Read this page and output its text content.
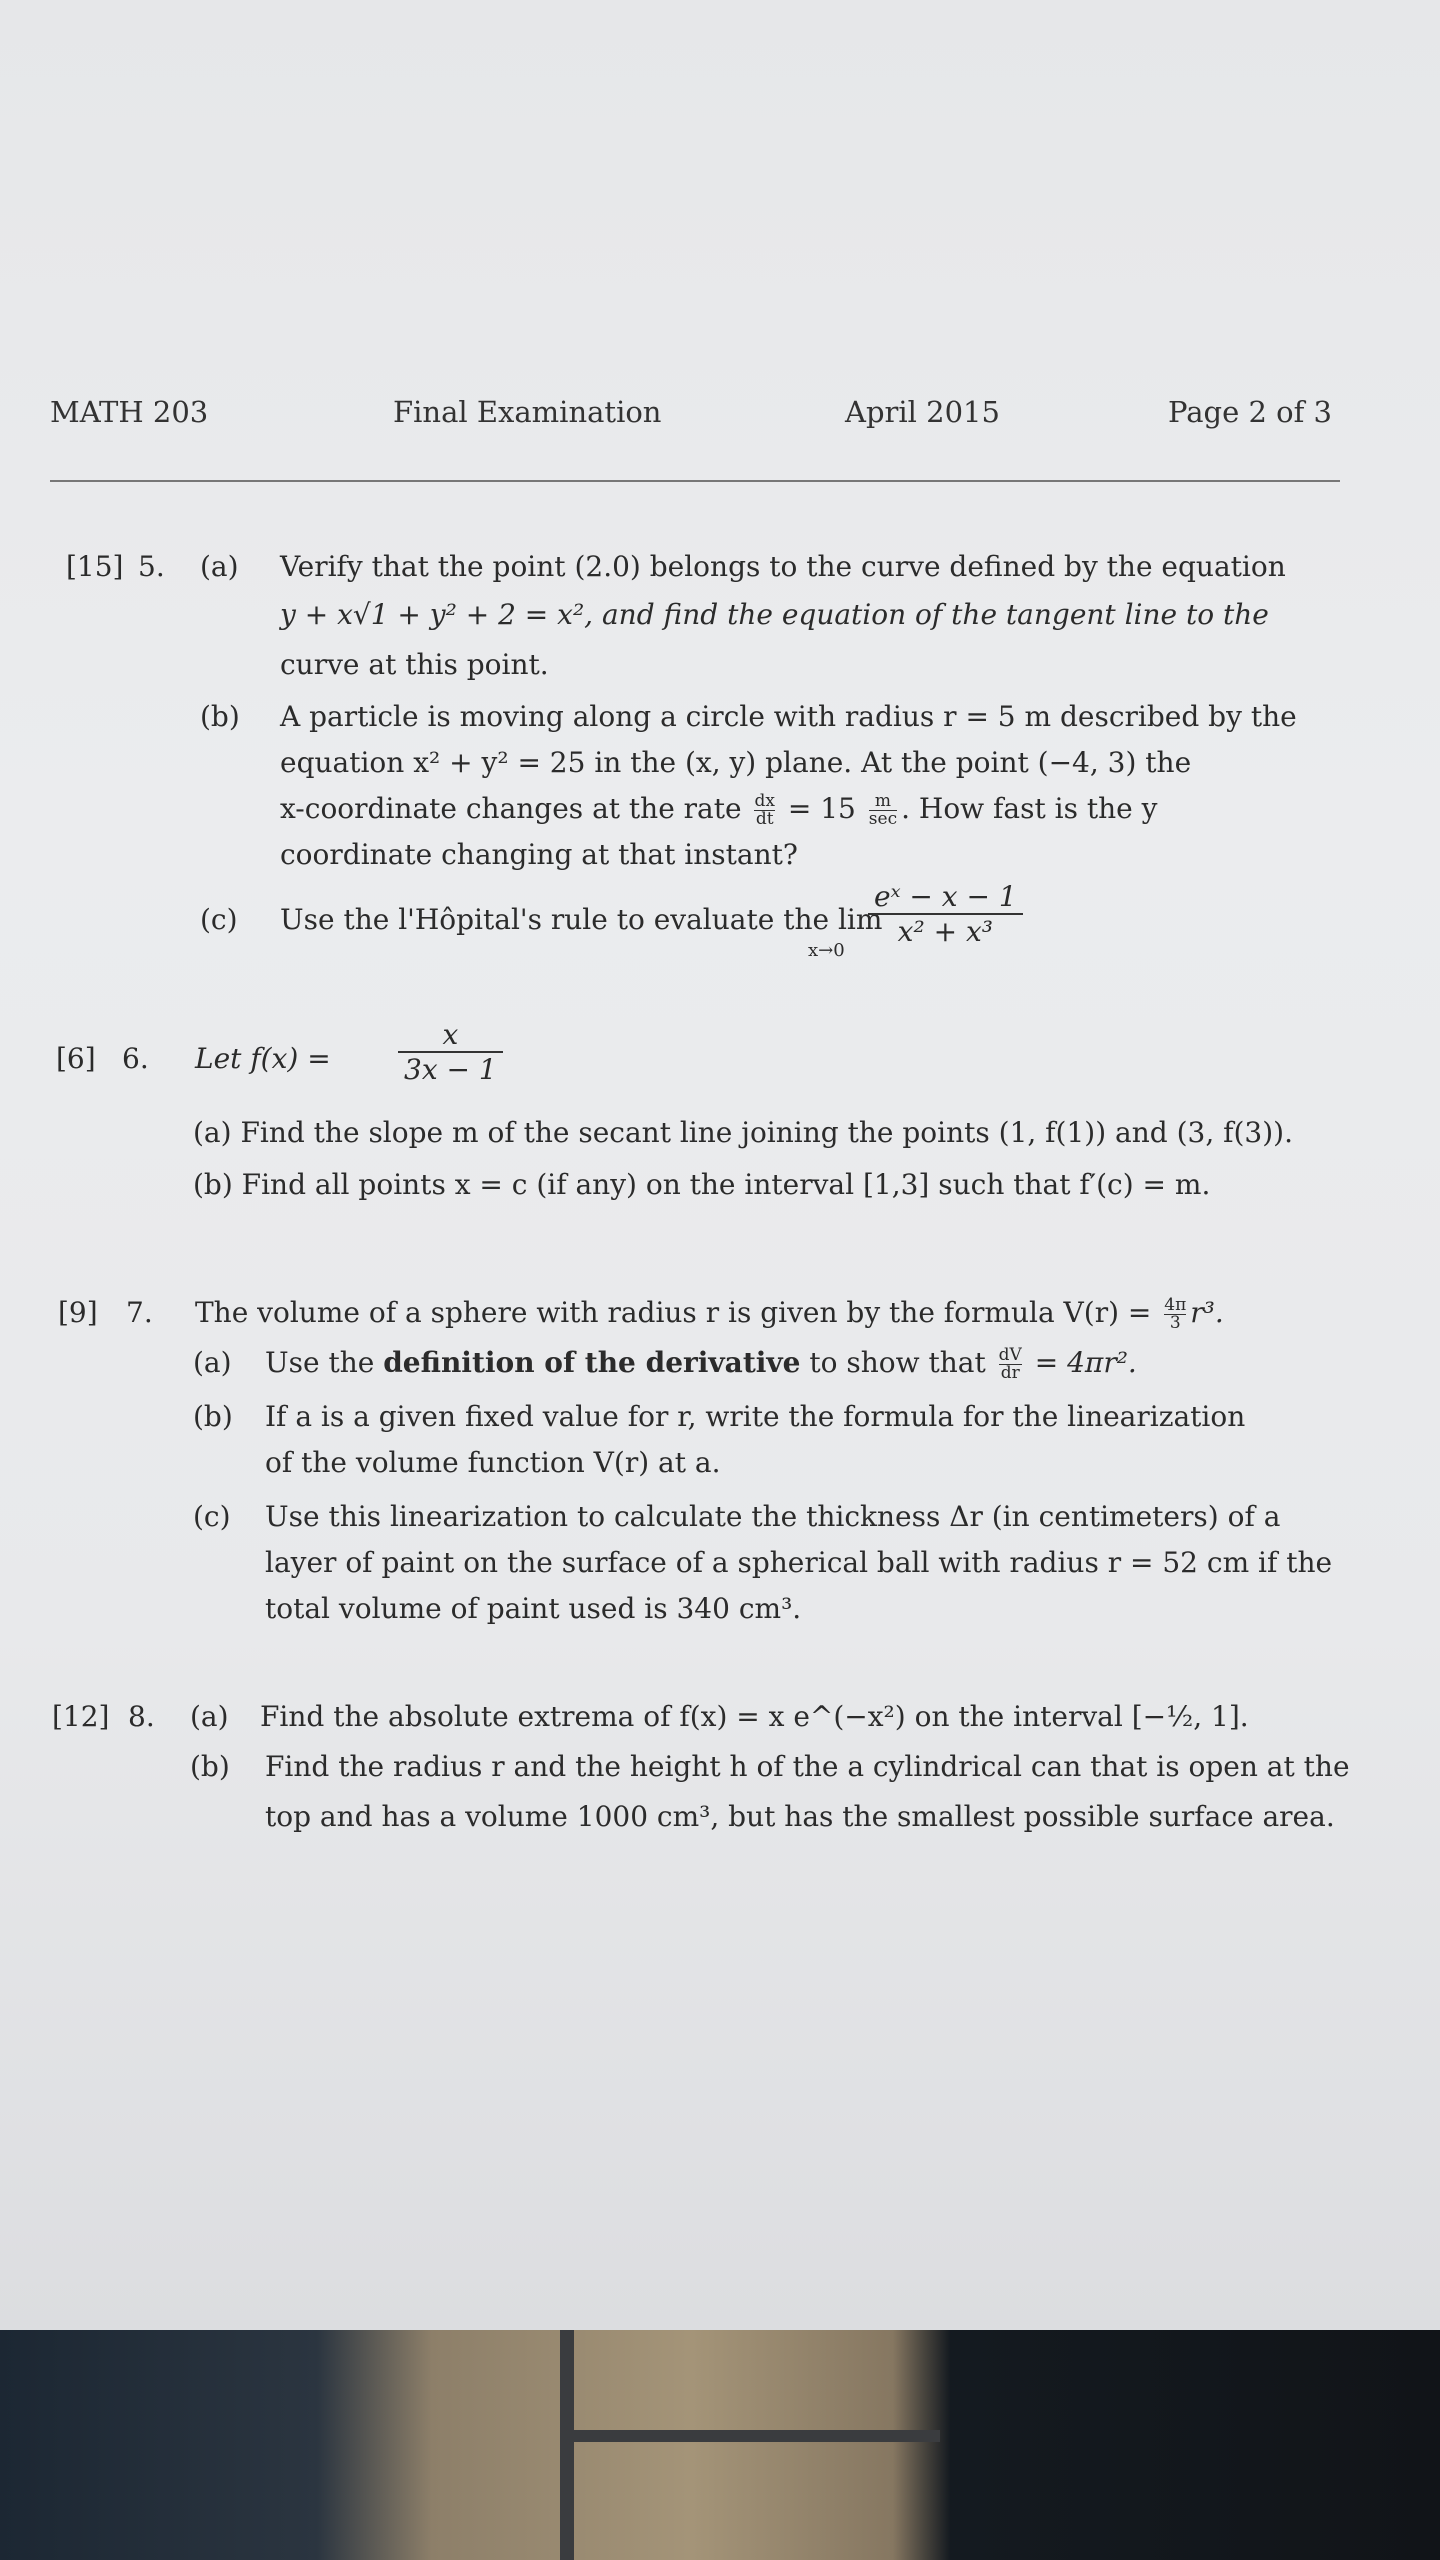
MATH 203	Final Examination	April 2015	Page 2 of 3
[15] 5. (a) Verify that the point (2.0) belongs to the curve defined by the equation
y + x√1 + y² + 2 = x², and find the equation of the tangent line to the
curve at this point.
(b) A particle is moving along a circle with radius r = 5 m described by the
equation x² + y² = 25 in the (x, y) plane. At the point (−4, 3) the
x-coordinate changes at the rate $\frac{dx}{dt} = 15 \frac{m}{\sec}$ . How fast is the y
coordinate changing at that instant?
(c) Use the l'Hôpital's rule to evaluate the lim
x→0
$\frac{\text{eˣ − x − 1}}{\text{x² + x³}}$
[6] 6. Let $f(x) = \frac{x}{3x - 1}$
(a) Find the slope m of the secant line joining the points (1, f(1)) and (3, f(3)).
(b) Find all points x = c (if any) on the interval [1,3] such that f′(c) = m.
[9] 7. The volume of a sphere with radius r is given by the formula $V(r) = \frac{4\pi}{3} r^3$.
(a) Use the definition of the derivative to show that $\frac{dV}{dr} = 4\pi r^2$.
(b) If a is a given fixed value for r, write the formula for the linearization
of the volume function V(r) at a.
(c) Use this linearization to calculate the thickness Δr (in centimeters) of a
layer of paint on the surface of a spherical ball with radius r = 52 cm if the
total volume of paint used is 340 cm³.
[12] 8. (a) Find the absolute extrema of f(x) = x e^(−x²) on the interval [−½, 1].
(b) Find the radius r and the height h of the a cylindrical can that is open at the
top and has a volume 1000 cm³, but has the smallest possible surface area.
